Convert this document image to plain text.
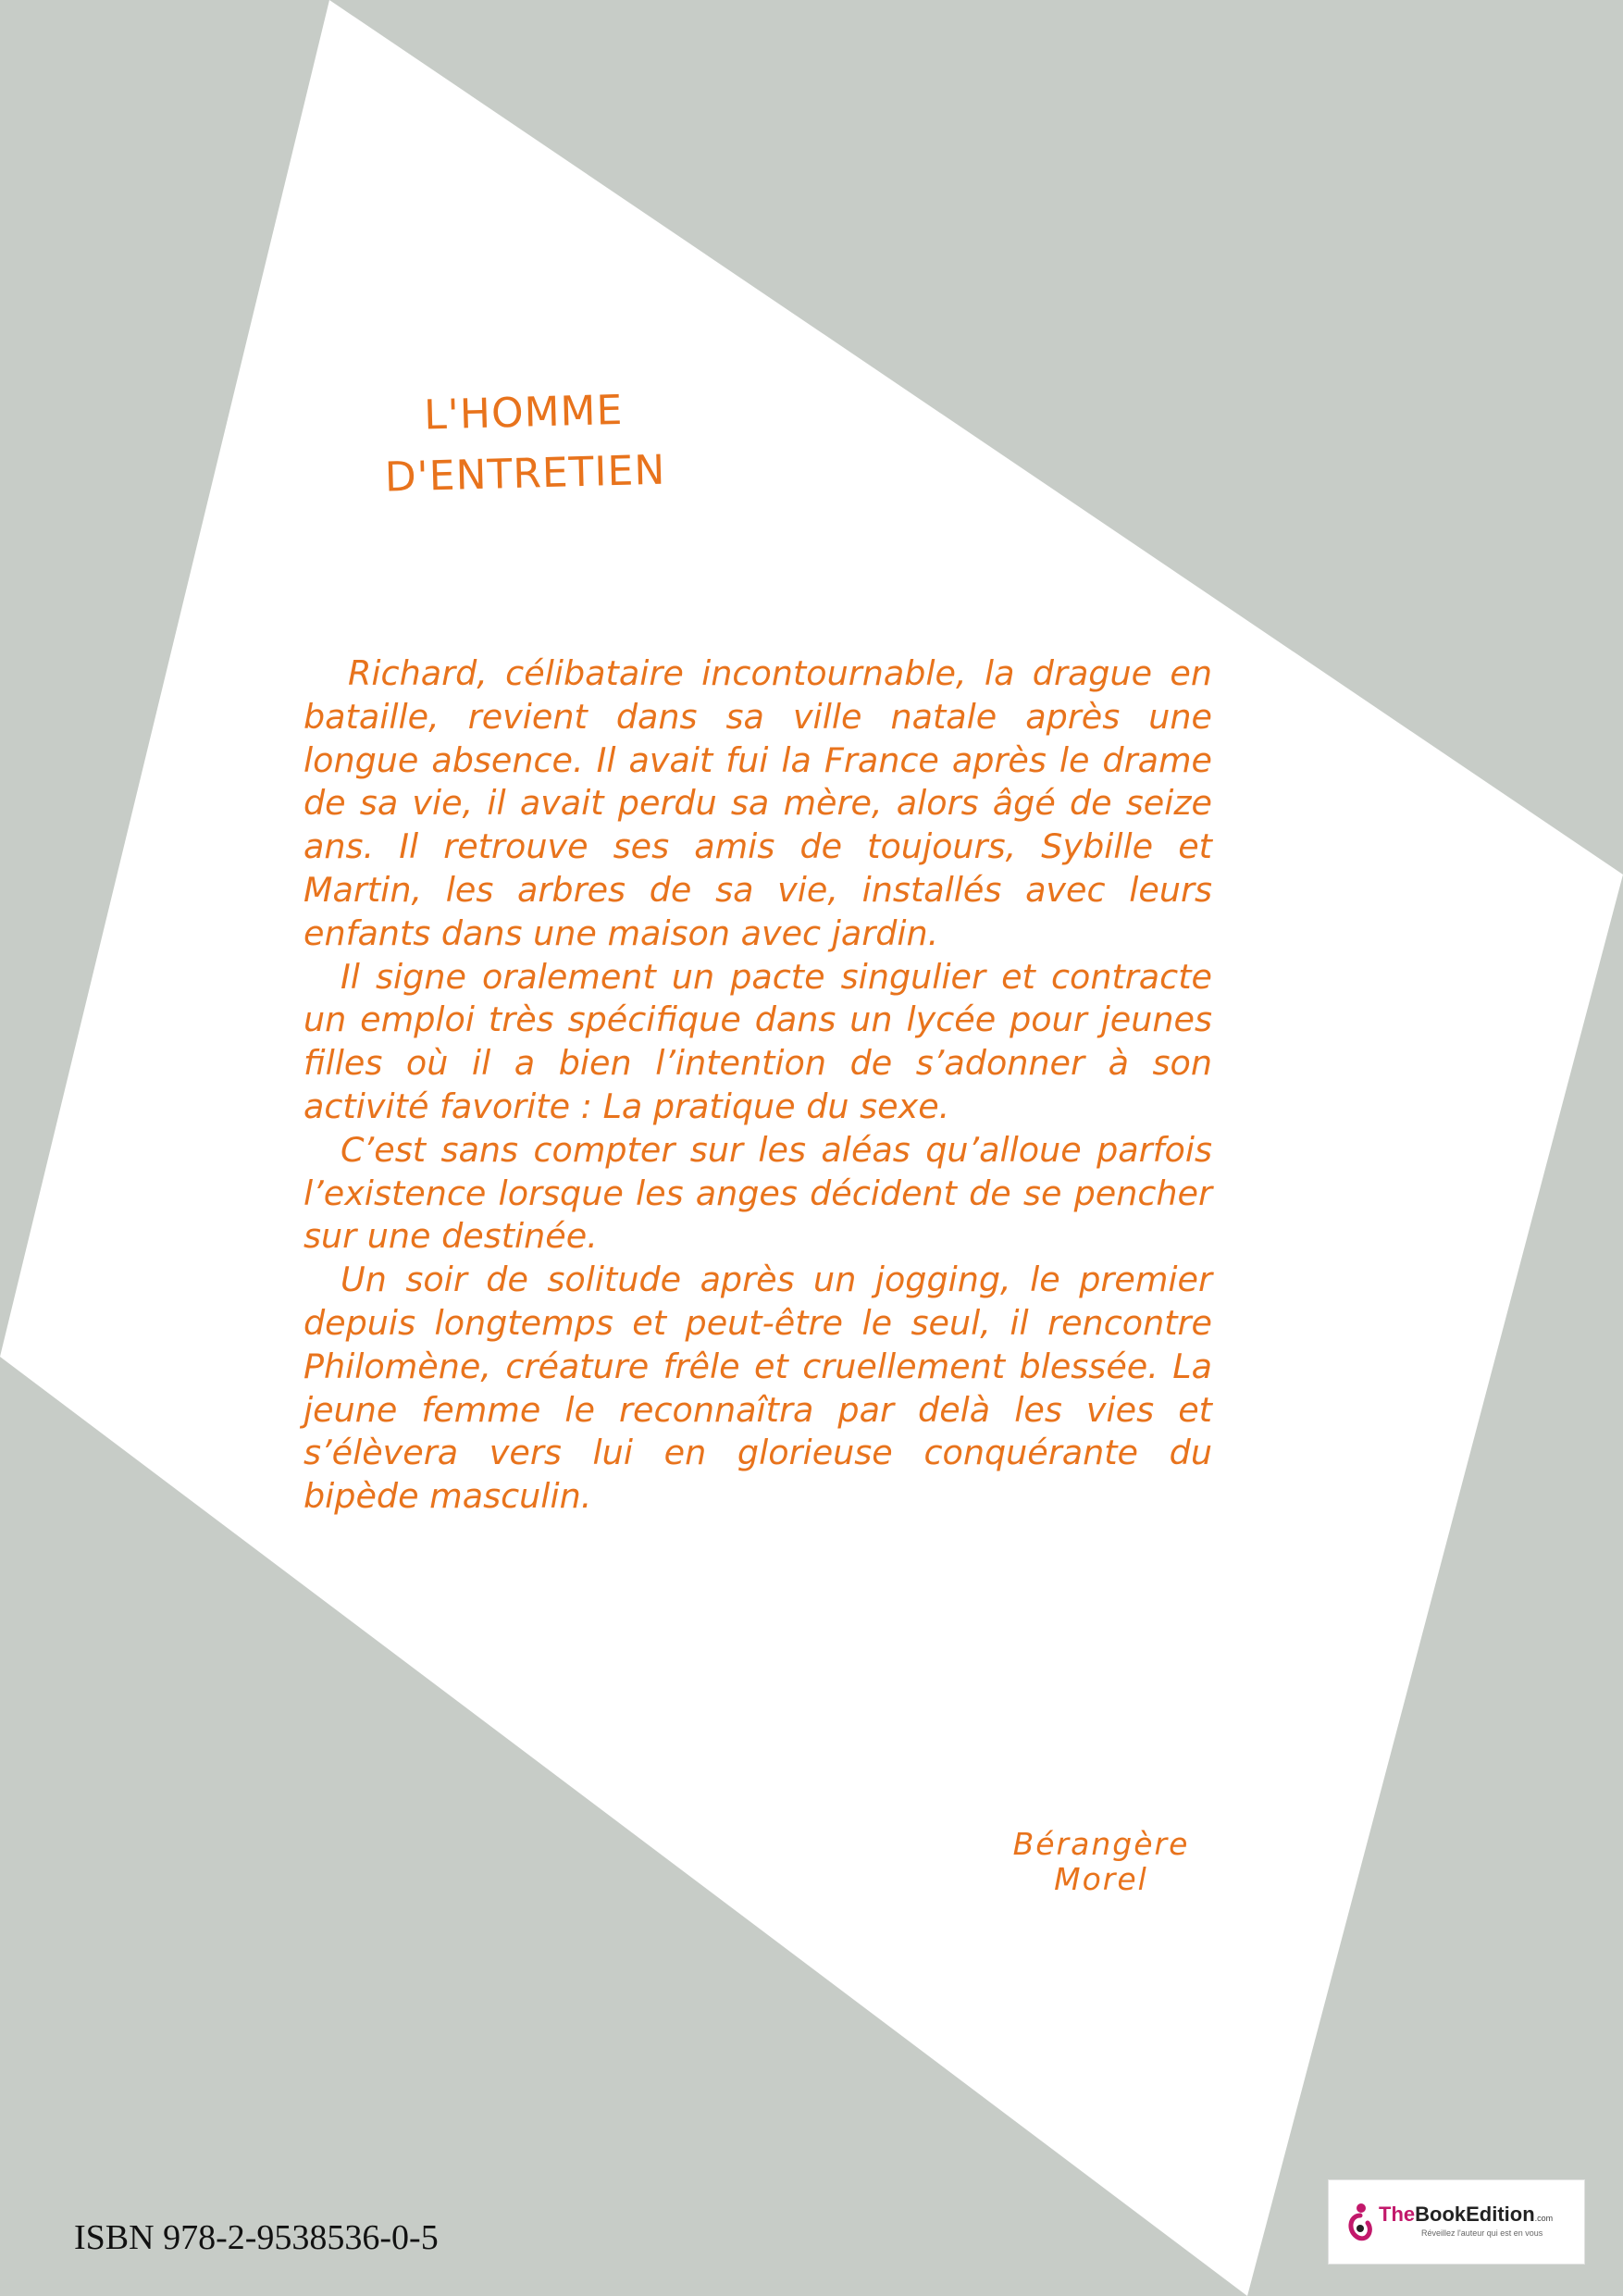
L'HOMME
D'ENTRETIEN

Richard, célibataire incontournable, la drague en bataille, revient dans sa ville natale après une longue absence. Il avait fui la France après le drame de sa vie, il avait perdu sa mère, alors âgé de seize ans. Il retrouve ses amis de toujours, Sybille et Martin, les arbres de sa vie, installés avec leurs enfants dans une maison avec jardin.

Il signe oralement un pacte singulier et contracte un emploi très spécifique dans un lycée pour jeunes filles où il a bien l’intention de s’adonner à son activité favorite : La pratique du sexe.

C’est sans compter sur les aléas qu’alloue parfois l’existence lorsque les anges décident de se pencher sur une destinée.

Un soir de solitude après un jogging, le premier depuis longtemps et peut-être le seul, il rencontre Philomène, créature frêle et cruellement blessée. La jeune femme le reconnaîtra par delà les vies et s’élèvera vers lui en glorieuse conquérante du bipède masculin.

Bérangère
Morel
ISBN 978-2-9538536-0-5
TheBookEdition.com
Réveillez l'auteur qui est en vous
